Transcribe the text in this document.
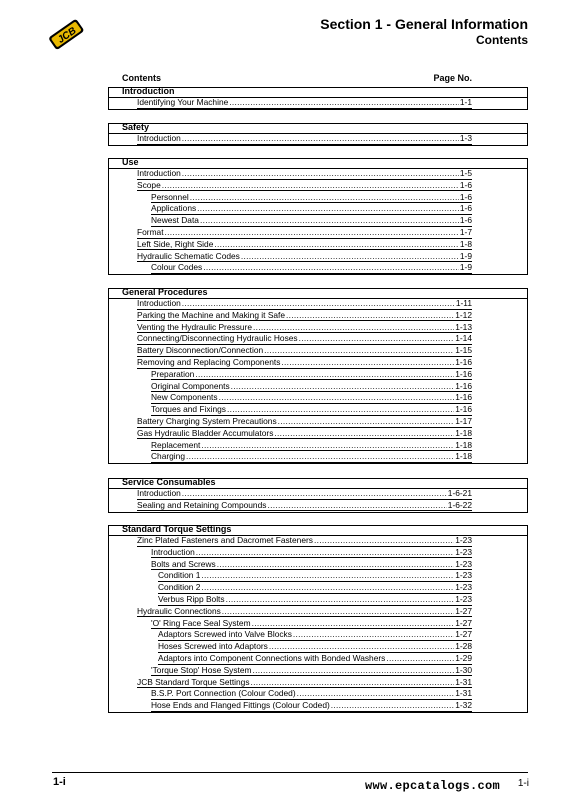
JCB
Section 1 - General Information
Contents
Contents	Page No.
Introduction
Identifying Your Machine .....	1-1
Safety
Introduction .....	1-3
Use
Introduction .....	1-5
Scope .....	1-6
Personnel .....	1-6
Applications .....	1-6
Newest Data .....	1-6
Format .....	1-7
Left Side, Right Side .....	1-8
Hydraulic Schematic Codes .....	1-9
Colour Codes .....	1-9
General Procedures
Introduction .....	1-11
Parking the Machine and Making it Safe .....	1-12
Venting the Hydraulic Pressure .....	1-13
Connecting/Disconnecting Hydraulic Hoses .....	1-14
Battery Disconnection/Connection .....	1-15
Removing and Replacing Components .....	1-16
Preparation .....	1-16
Original Components .....	1-16
New Components .....	1-16
Torques and Fixings .....	1-16
Battery Charging System Precautions .....	1-17
Gas Hydraulic Bladder Accumulators .....	1-18
Replacement .....	1-18
Charging .....	1-18
Service Consumables
Introduction .....	1-6-21
Sealing and Retaining Compounds .....	1-6-22
Standard Torque Settings
Zinc Plated Fasteners and Dacromet Fasteners .....	1-23
Introduction .....	1-23
Bolts and Screws .....	1-23
Condition 1 .....	1-23
Condition 2 .....	1-23
Verbus Ripp Bolts .....	1-23
Hydraulic Connections .....	1-27
'O' Ring Face Seal System .....	1-27
Adaptors Screwed into Valve Blocks .....	1-27
Hoses Screwed into Adaptors .....	1-28
Adaptors into Component Connections with Bonded Washers .....	1-29
'Torque Stop' Hose System .....	1-30
JCB Standard Torque Settings .....	1-31
B.S.P. Port Connection (Colour Coded) .....	1-31
Hose Ends and Flanged Fittings (Colour Coded) .....	1-32
1-i	1-i
www.epcatalogs.com
